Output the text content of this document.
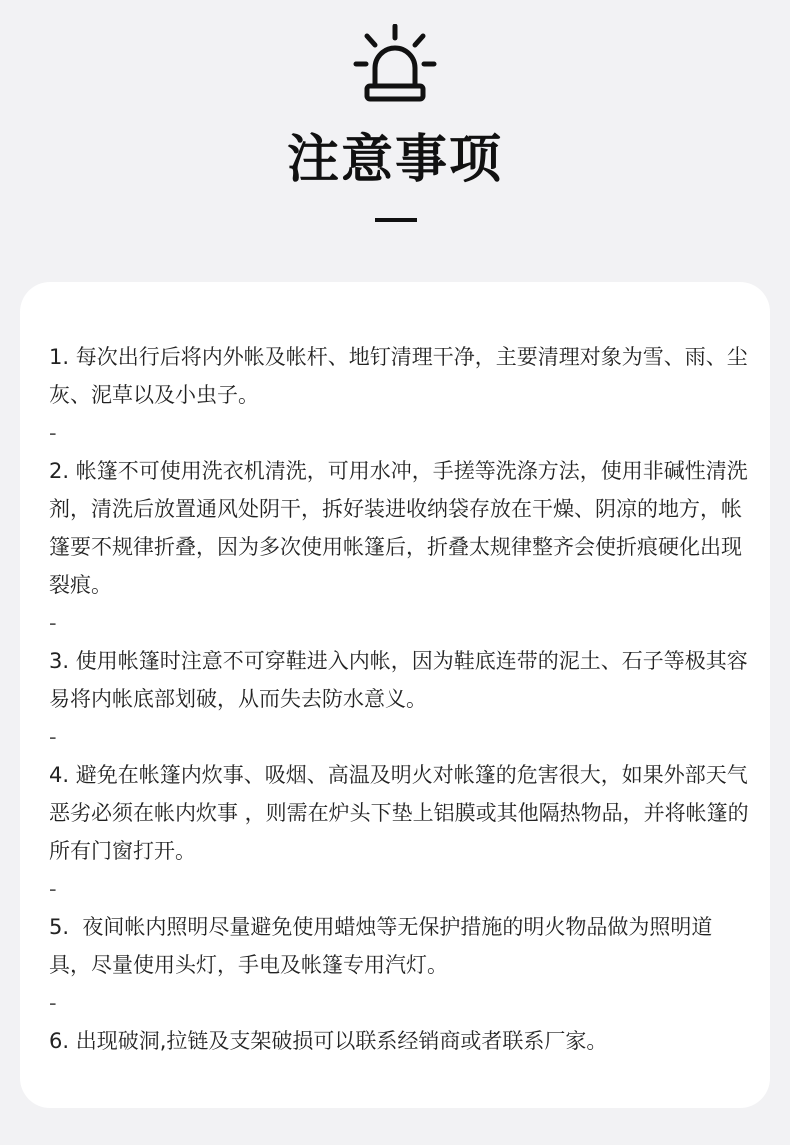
注意事项

1. 每次出行后将内外帐及帐杆、地钉清理干净，主要清理对象为雪、雨、尘灰、泥草以及小虫子。

-

2. 帐篷不可使用洗衣机清洗，可用水冲，手搓等洗涤方法，使用非碱性清洗剂，清洗后放置通风处阴干，拆好装进收纳袋存放在干燥、阴凉的地方，帐篷要不规律折叠，因为多次使用帐篷后，折叠太规律整齐会使折痕硬化出现裂痕。

-

3. 使用帐篷时注意不可穿鞋进入内帐，因为鞋底连带的泥土、石子等极其容易将内帐底部划破，从而失去防水意义。

-

4. 避免在帐篷内炊事、吸烟、高温及明火对帐篷的危害很大，如果外部天气恶劣必须在帐内炊事 ，则需在炉头下垫上铝膜或其他隔热物品，并将帐篷的所有门窗打开。

-

5.  夜间帐内照明尽量避免使用蜡烛等无保护措施的明火物品做为照明道具，尽量使用头灯，手电及帐篷专用汽灯。

-

6. 出现破洞,拉链及支架破损可以联系经销商或者联系厂家。
